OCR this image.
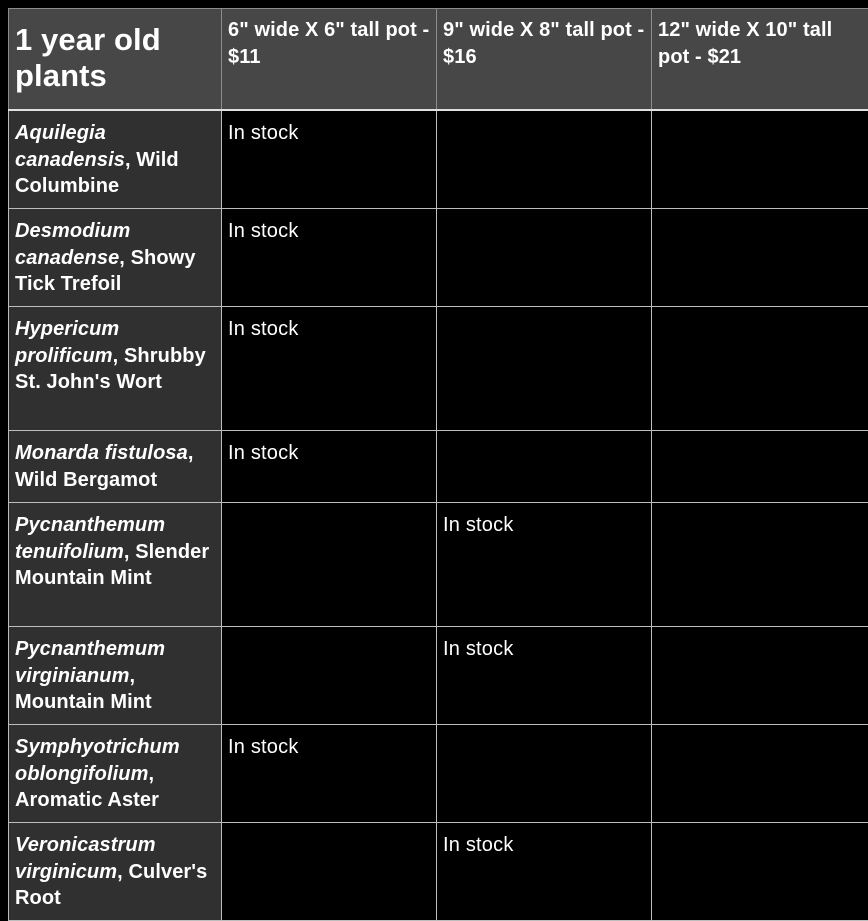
1 year old plants	6" wide X 6" tall pot - $11	9" wide X 8" tall pot - $16	12" wide X 10" tall pot - $21
Aquilegia canadensis, Wild Columbine	In stock		
Desmodium canadense, Showy Tick Trefoil	In stock		
Hypericum prolificum, Shrubby St. John's Wort	In stock		
Monarda fistulosa, Wild Bergamot	In stock		
Pycnanthemum tenuifolium, Slender Mountain Mint		In stock	
Pycnanthemum virginianum, Mountain Mint		In stock	
Symphyotrichum oblongifolium, Aromatic Aster	In stock		
Veronicastrum virginicum, Culver's Root		In stock	
